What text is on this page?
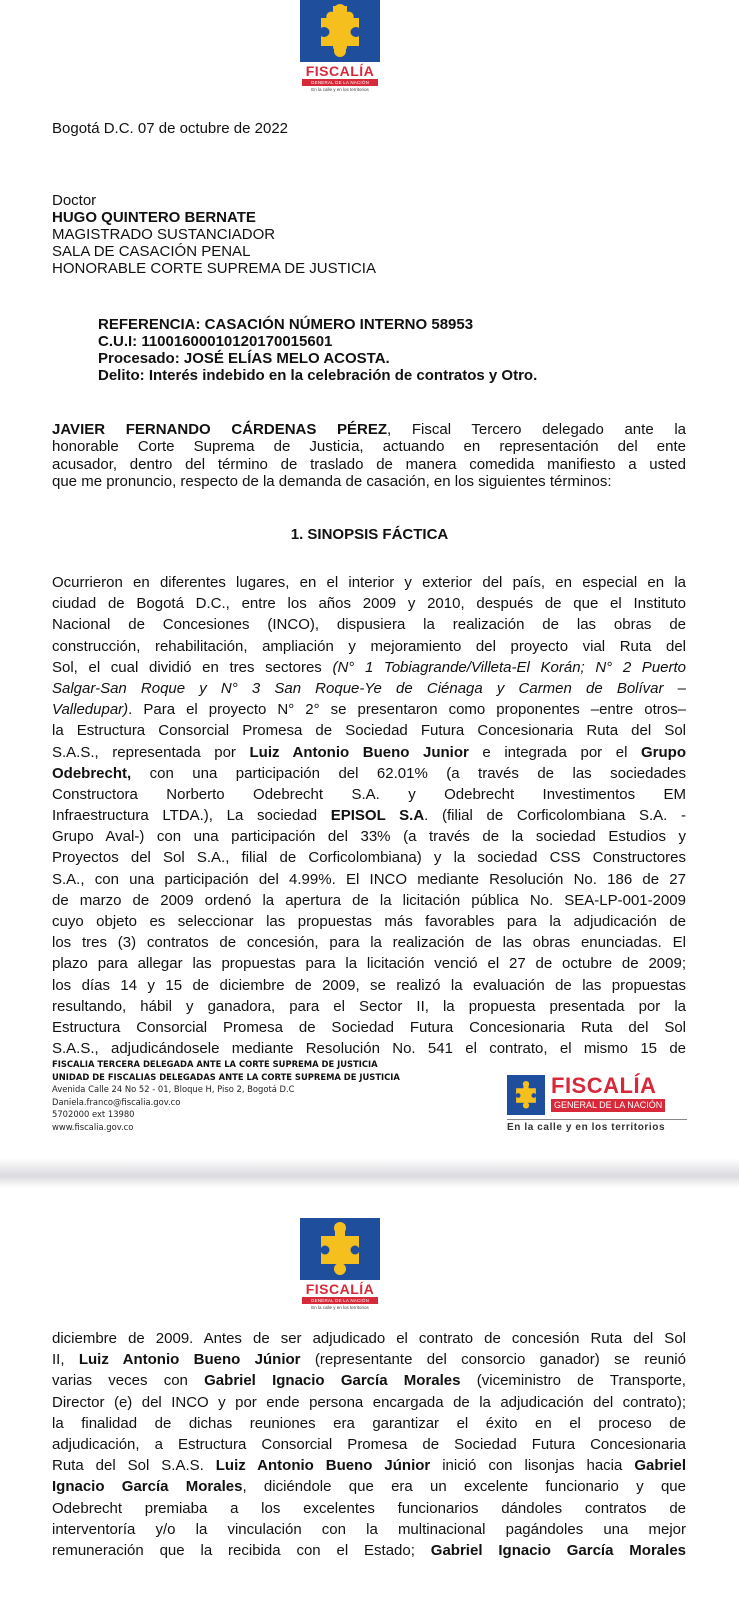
FISCALÍA
GENERAL DE LA NACIÓN
En la calle y en los territorios
Bogotá D.C. 07 de octubre de 2022
Doctor
HUGO QUINTERO BERNATE
MAGISTRADO SUSTANCIADOR
SALA DE CASACIÓN PENAL
HONORABLE CORTE SUPREMA DE JUSTICIA
REFERENCIA: CASACIÓN NÚMERO INTERNO 58953
C.U.I: 11001600010120170015601
Procesado: JOSÉ ELÍAS MELO ACOSTA.
Delito: Interés indebido en la celebración de contratos y Otro.
JAVIER FERNANDO CÁRDENAS PÉREZ, Fiscal Tercero delegado ante la
honorable Corte Suprema de Justicia, actuando en representación del ente
acusador, dentro del término de traslado de manera comedida manifiesto a usted
que me pronuncio, respecto de la demanda de casación, en los siguientes términos:
1. SINOPSIS FÁCTICA
Ocurrieron en diferentes lugares, en el interior y exterior del país, en especial en la
ciudad de Bogotá D.C., entre los años 2009 y 2010, después de que el Instituto
Nacional de Concesiones (INCO), dispusiera la realización de las obras de
construcción, rehabilitación, ampliación y mejoramiento del proyecto vial Ruta del
Sol, el cual dividió en tres sectores (N° 1 Tobiagrande/Villeta-El Korán; N° 2 Puerto
Salgar-San Roque y N° 3 San Roque-Ye de Ciénaga y Carmen de Bolívar –
Valledupar). Para el proyecto N° 2° se presentaron como proponentes –entre otros–
la Estructura Consorcial Promesa de Sociedad Futura Concesionaria Ruta del Sol
S.A.S., representada por Luiz Antonio Bueno Junior e integrada por el Grupo
Odebrecht, con una participación del 62.01% (a través de las sociedades
Constructora Norberto Odebrecht S.A. y Odebrecht Investimentos EM
Infraestructura LTDA.), La sociedad EPISOL S.A. (filial de Corficolombiana S.A. -
Grupo Aval-) con una participación del 33% (a través de la sociedad Estudios y
Proyectos del Sol S.A., filial de Corficolombiana) y la sociedad CSS Constructores
S.A., con una participación del 4.99%. El INCO mediante Resolución No. 186 de 27
de marzo de 2009 ordenó la apertura de la licitación pública No. SEA-LP-001-2009
cuyo objeto es seleccionar las propuestas más favorables para la adjudicación de
los tres (3) contratos de concesión, para la realización de las obras enunciadas. El
plazo para allegar las propuestas para la licitación venció el 27 de octubre de 2009;
los días 14 y 15 de diciembre de 2009, se realizó la evaluación de las propuestas
resultando, hábil y ganadora, para el Sector II, la propuesta presentada por la
Estructura Consorcial Promesa de Sociedad Futura Concesionaria Ruta del Sol
S.A.S., adjudicándosele mediante Resolución No. 541 el contrato, el mismo 15 de
FISCALIA TERCERA DELEGADA ANTE LA CORTE SUPREMA DE JUSTICIA
UNIDAD DE FISCALIAS DELEGADAS ANTE LA CORTE SUPREMA DE JUSTICIA
Avenida Calle 24 No 52 - 01, Bloque H, Piso 2, Bogotá D.C
Daniela.franco@fiscalia.gov.co
5702000 ext 13980
www.fiscalia.gov.co
FISCALÍA
GENERAL DE LA NACIÓN
En la calle y en los territorios
FISCALÍA
GENERAL DE LA NACIÓN
En la calle y en los territorios
diciembre de 2009. Antes de ser adjudicado el contrato de concesión Ruta del Sol
II, Luiz Antonio Bueno Júnior (representante del consorcio ganador) se reunió
varias veces con Gabriel Ignacio García Morales (viceministro de Transporte,
Director (e) del INCO y por ende persona encargada de la adjudicación del contrato);
la finalidad de dichas reuniones era garantizar el éxito en el proceso de
adjudicación, a Estructura Consorcial Promesa de Sociedad Futura Concesionaria
Ruta del Sol S.A.S. Luiz Antonio Bueno Júnior inició con lisonjas hacia Gabriel
Ignacio García Morales, diciéndole que era un excelente funcionario y que
Odebrecht premiaba a los excelentes funcionarios dándoles contratos de
interventoría y/o la vinculación con la multinacional pagándoles una mejor
remuneración que la recibida con el Estado; Gabriel Ignacio García Morales
